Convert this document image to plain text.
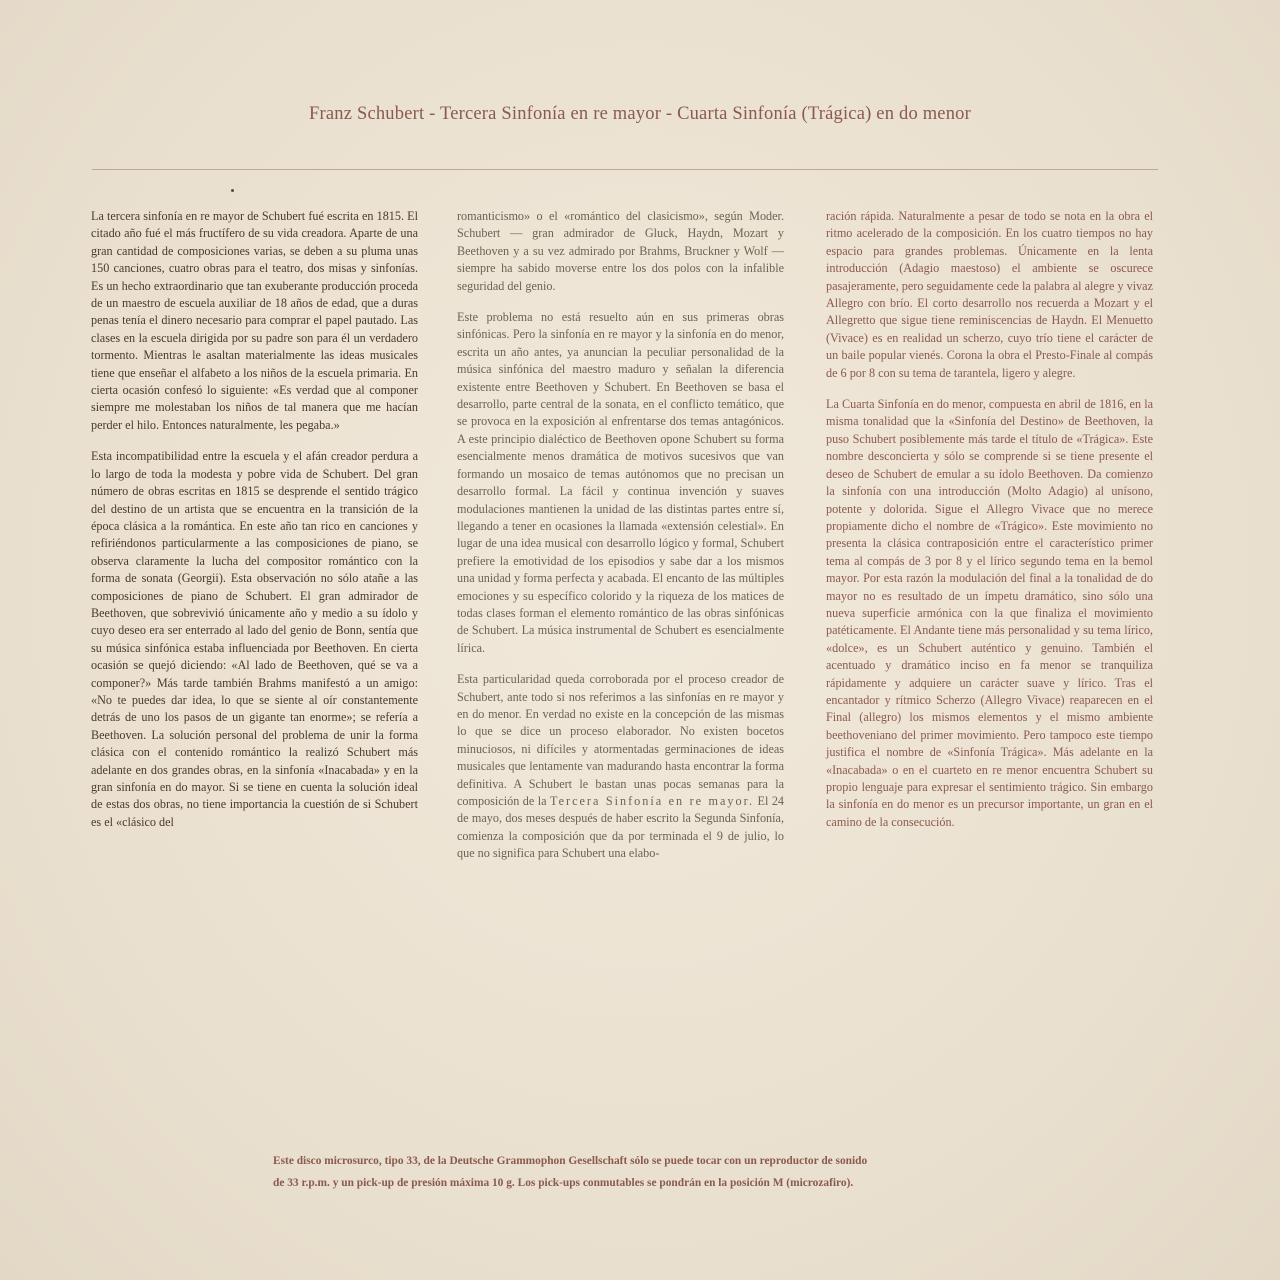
Franz Schubert - Tercera Sinfonía en re mayor - Cuarta Sinfonía (Trágica) en do menor

La tercera sinfonía en re mayor de Schubert fué escrita en 1815. El citado año fué el más fructífero de su vida creadora. Aparte de una gran cantidad de composiciones varias, se deben a su pluma unas 150 canciones, cuatro obras para el teatro, dos misas y sinfonías. Es un hecho extraordinario que tan exuberante producción proceda de un maestro de escuela auxiliar de 18 años de edad, que a duras penas tenía el dinero necesario para comprar el papel pautado. Las clases en la escuela dirigida por su padre son para él un verdadero tormento. Mientras le asaltan materialmente las ideas musicales tiene que enseñar el alfabeto a los niños de la escuela primaria. En cierta ocasión confesó lo siguiente: «Es verdad que al componer siempre me molestaban los niños de tal manera que me hacían perder el hilo. Entonces naturalmente, les pegaba.»

Esta incompatibilidad entre la escuela y el afán creador perdura a lo largo de toda la modesta y pobre vida de Schubert. Del gran número de obras escritas en 1815 se desprende el sentido trágico del destino de un artista que se encuentra en la transición de la época clásica a la romántica. En este año tan rico en canciones y refiriéndonos particularmente a las composiciones de piano, se observa claramente la lucha del compositor romántico con la forma de sonata (Georgii). Esta observación no sólo atañe a las composiciones de piano de Schubert. El gran admirador de Beethoven, que sobrevivió únicamente año y medio a su ídolo y cuyo deseo era ser enterrado al lado del genio de Bonn, sentía que su música sinfónica estaba influenciada por Beethoven. En cierta ocasión se quejó diciendo: «Al lado de Beethoven, qué se va a componer?» Más tarde también Brahms manifestó a un amigo: «No te puedes dar idea, lo que se siente al oír constantemente detrás de uno los pasos de un gigante tan enorme»; se refería a Beethoven. La solución personal del problema de unir la forma clásica con el contenido romántico la realizó Schubert más adelante en dos grandes obras, en la sinfonía «Inacabada» y en la gran sinfonía en do mayor. Si se tiene en cuenta la solución ideal de estas dos obras, no tiene importancia la cuestión de si Schubert es el «clásico del

romanticismo» o el «romántico del clasicismo», según Moder. Schubert — gran admirador de Gluck, Haydn, Mozart y Beethoven y a su vez admirado por Brahms, Bruckner y Wolf — siempre ha sabido moverse entre los dos polos con la infalible seguridad del genio.

Este problema no está resuelto aún en sus primeras obras sinfónicas. Pero la sinfonía en re mayor y la sinfonía en do menor, escrita un año antes, ya anuncian la peculiar personalidad de la música sinfónica del maestro maduro y señalan la diferencia existente entre Beethoven y Schubert. En Beethoven se basa el desarrollo, parte central de la sonata, en el conflicto temático, que se provoca en la exposición al enfrentarse dos temas antagónicos. A este principio dialéctico de Beethoven opone Schubert su forma esencialmente menos dramática de motivos sucesivos que van formando un mosaico de temas autónomos que no precisan un desarrollo formal. La fácil y continua invención y suaves modulaciones mantienen la unidad de las distintas partes entre sí, llegando a tener en ocasiones la llamada «extensión celestial». En lugar de una idea musical con desarrollo lógico y formal, Schubert prefiere la emotividad de los episodios y sabe dar a los mismos una unidad y forma perfecta y acabada. El encanto de las múltiples emociones y su específico colorido y la riqueza de los matices de todas clases forman el elemento romántico de las obras sinfónicas de Schubert. La música instrumental de Schubert es esencialmente lírica.

Esta particularidad queda corroborada por el proceso creador de Schubert, ante todo si nos referimos a las sinfonías en re mayor y en do menor. En verdad no existe en la concepción de las mismas lo que se dice un proceso elaborador. No existen bocetos minuciosos, ni difíciles y atormentadas germinaciones de ideas musicales que lentamente van madurando hasta encontrar la forma definitiva. A Schubert le bastan unas pocas semanas para la composición de la Tercera Sinfonía en re mayor. El 24 de mayo, dos meses después de haber escrito la Segunda Sinfonía, comienza la composición que da por terminada el 9 de julio, lo que no significa para Schubert una elabo-

ración rápida. Naturalmente a pesar de todo se nota en la obra el ritmo acelerado de la composición. En los cuatro tiempos no hay espacio para grandes problemas. Únicamente en la lenta introducción (Adagio maestoso) el ambiente se oscurece pasajeramente, pero seguidamente cede la palabra al alegre y vivaz Allegro con brío. El corto desarrollo nos recuerda a Mozart y el Allegretto que sigue tiene reminiscencias de Haydn. El Menuetto (Vivace) es en realidad un scherzo, cuyo trío tiene el carácter de un baile popular vienés. Corona la obra el Presto-Finale al compás de 6 por 8 con su tema de tarantela, ligero y alegre.

La Cuarta Sinfonía en do menor, compuesta en abril de 1816, en la misma tonalidad que la «Sinfonía del Destino» de Beethoven, la puso Schubert posiblemente más tarde el título de «Trágica». Este nombre desconcierta y sólo se comprende si se tiene presente el deseo de Schubert de emular a su ídolo Beethoven. Da comienzo la sinfonía con una introducción (Molto Adagio) al unísono, potente y dolorida. Sigue el Allegro Vivace que no merece propiamente dicho el nombre de «Trágico». Este movimiento no presenta la clásica contraposición entre el característico primer tema al compás de 3 por 8 y el lírico segundo tema en la bemol mayor. Por esta razón la modulación del final a la tonalidad de do mayor no es resultado de un ímpetu dramático, sino sólo una nueva superficie armónica con la que finaliza el movimiento patéticamente. El Andante tiene más personalidad y su tema lírico, «dolce», es un Schubert auténtico y genuino. También el acentuado y dramático inciso en fa menor se tranquiliza rápidamente y adquiere un carácter suave y lírico. Tras el encantador y rítmico Scherzo (Allegro Vivace) reaparecen en el Final (allegro) los mismos elementos y el mismo ambiente beethoveniano del primer movimiento. Pero tampoco este tiempo justifica el nombre de «Sinfonía Trágica». Más adelante en la «Inacabada» o en el cuarteto en re menor encuentra Schubert su propio lenguaje para expresar el sentimiento trágico. Sin embargo la sinfonía en do menor es un precursor importante, un gran en el camino de la consecución.

Este disco microsurco, tipo 33, de la Deutsche Grammophon Gesellschaft sólo se puede tocar con un reproductor de sonido
de 33 r.p.m. y un pick-up de presión máxima 10 g. Los pick-ups conmutables se pondrán en la posición M (microzafiro).
